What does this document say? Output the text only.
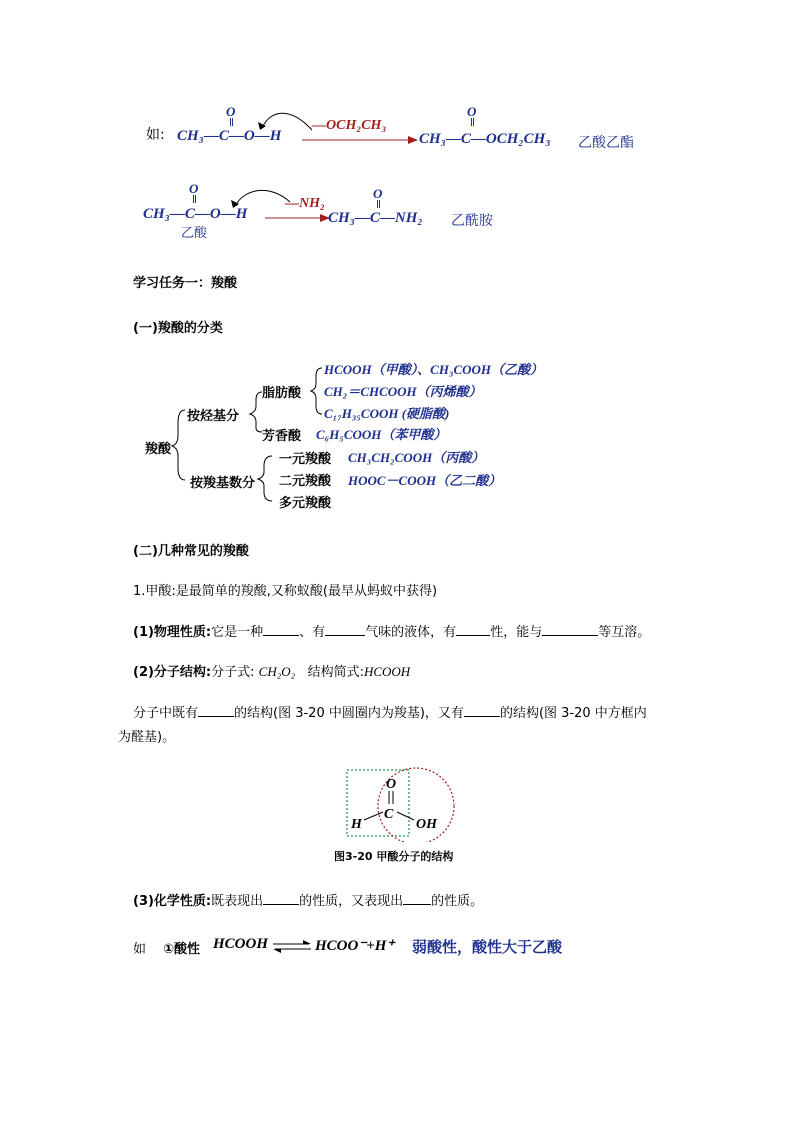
如:
O
CH₃—C—O—H
—OCH₂CH₃
O
CH₃—C—OCH₂CH₃ 乙酸乙酯
O
CH₃—C—O—H
乙酸
—NH₂
O
CH₃—C—NH₂ 乙酰胺
学习任务一：羧酸
(一)羧酸的分类
羧酸
按烃基分
脂肪酸
芳香酸
按羧基数分
一元羧酸
二元羧酸
多元羧酸
HCOOH（甲酸）、CH₃COOH（乙酸）
CH₂＝CHCOOH（丙烯酸）
C₁₇H₃₅COOH (硬脂酸)
C₆H₅COOH（苯甲酸）
CH₃CH₂COOH（丙酸）
HOOC－COOH（乙二酸）
(二)几种常见的羧酸
1.甲酸:是最简单的羧酸,又称蚁酸(最早从蚂蚁中获得)
(1)物理性质:它是一种	、有	气味的液体，有	性，能与	等互溶。
(2)分子结构:分子式: CH₂O₂ 结构简式:HCOOH
分子中既有	的结构(图 3-20 中圆圈内为羧基)，又有	的结构(图 3-20 中方框内
为醛基)。
O
C
H	OH
图3-20 甲酸分子的结构
(3)化学性质:既表现出	的性质，又表现出 的性质。
如 ①酸性 HCOOH ⇌ HCOO⁻+H⁺ 弱酸性，酸性大于乙酸
